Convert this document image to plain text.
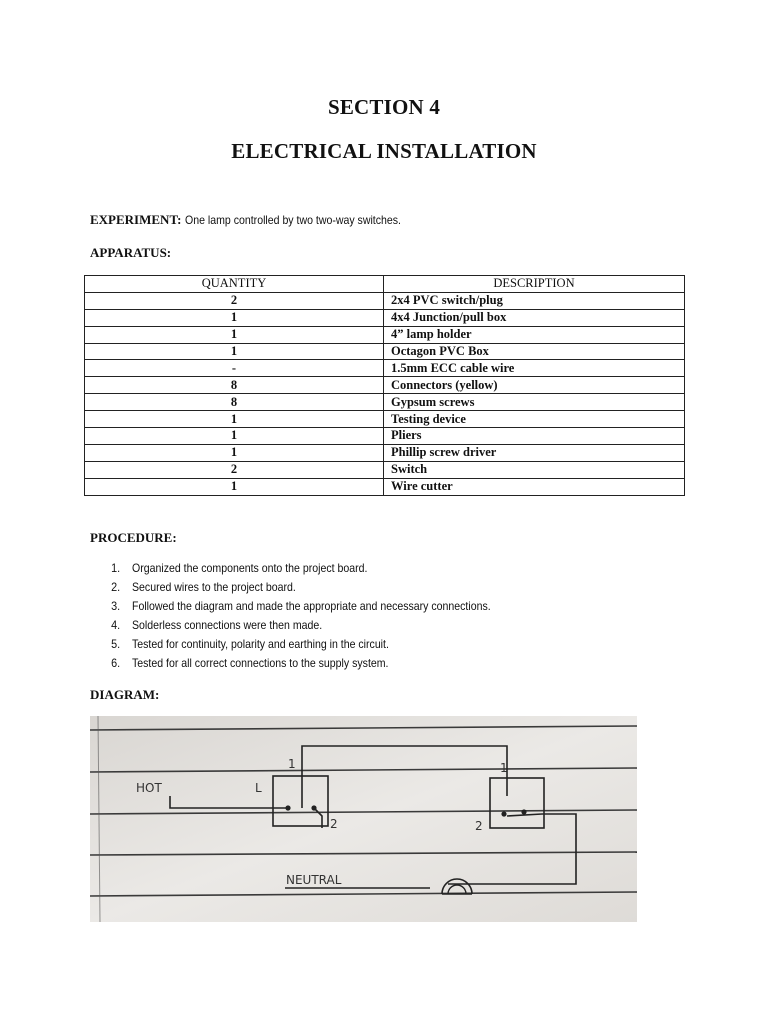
SECTION 4
ELECTRICAL INSTALLATION
EXPERIMENT: One lamp controlled by two two-way switches.
APPARATUS:
QUANTITY	DESCRIPTION
2	2x4 PVC switch/plug
1	4x4 Junction/pull box
1	4” lamp holder
1	Octagon PVC Box
-	1.5mm ECC cable wire
8	Connectors (yellow)
8	Gypsum screws
1	Testing device
1	Pliers
1	Phillip screw driver
2	Switch
1	Wire cutter
PROCEDURE:
1. Organized the components onto the project board.
2. Secured wires to the project board.
3. Followed the diagram and made the appropriate and necessary connections.
4. Solderless connections were then made.
5. Tested for continuity, polarity and earthing in the circuit.
6. Tested for all correct connections to the supply system.
DIAGRAM:
HOT	L
1
2
1
2
NEUTRAL
